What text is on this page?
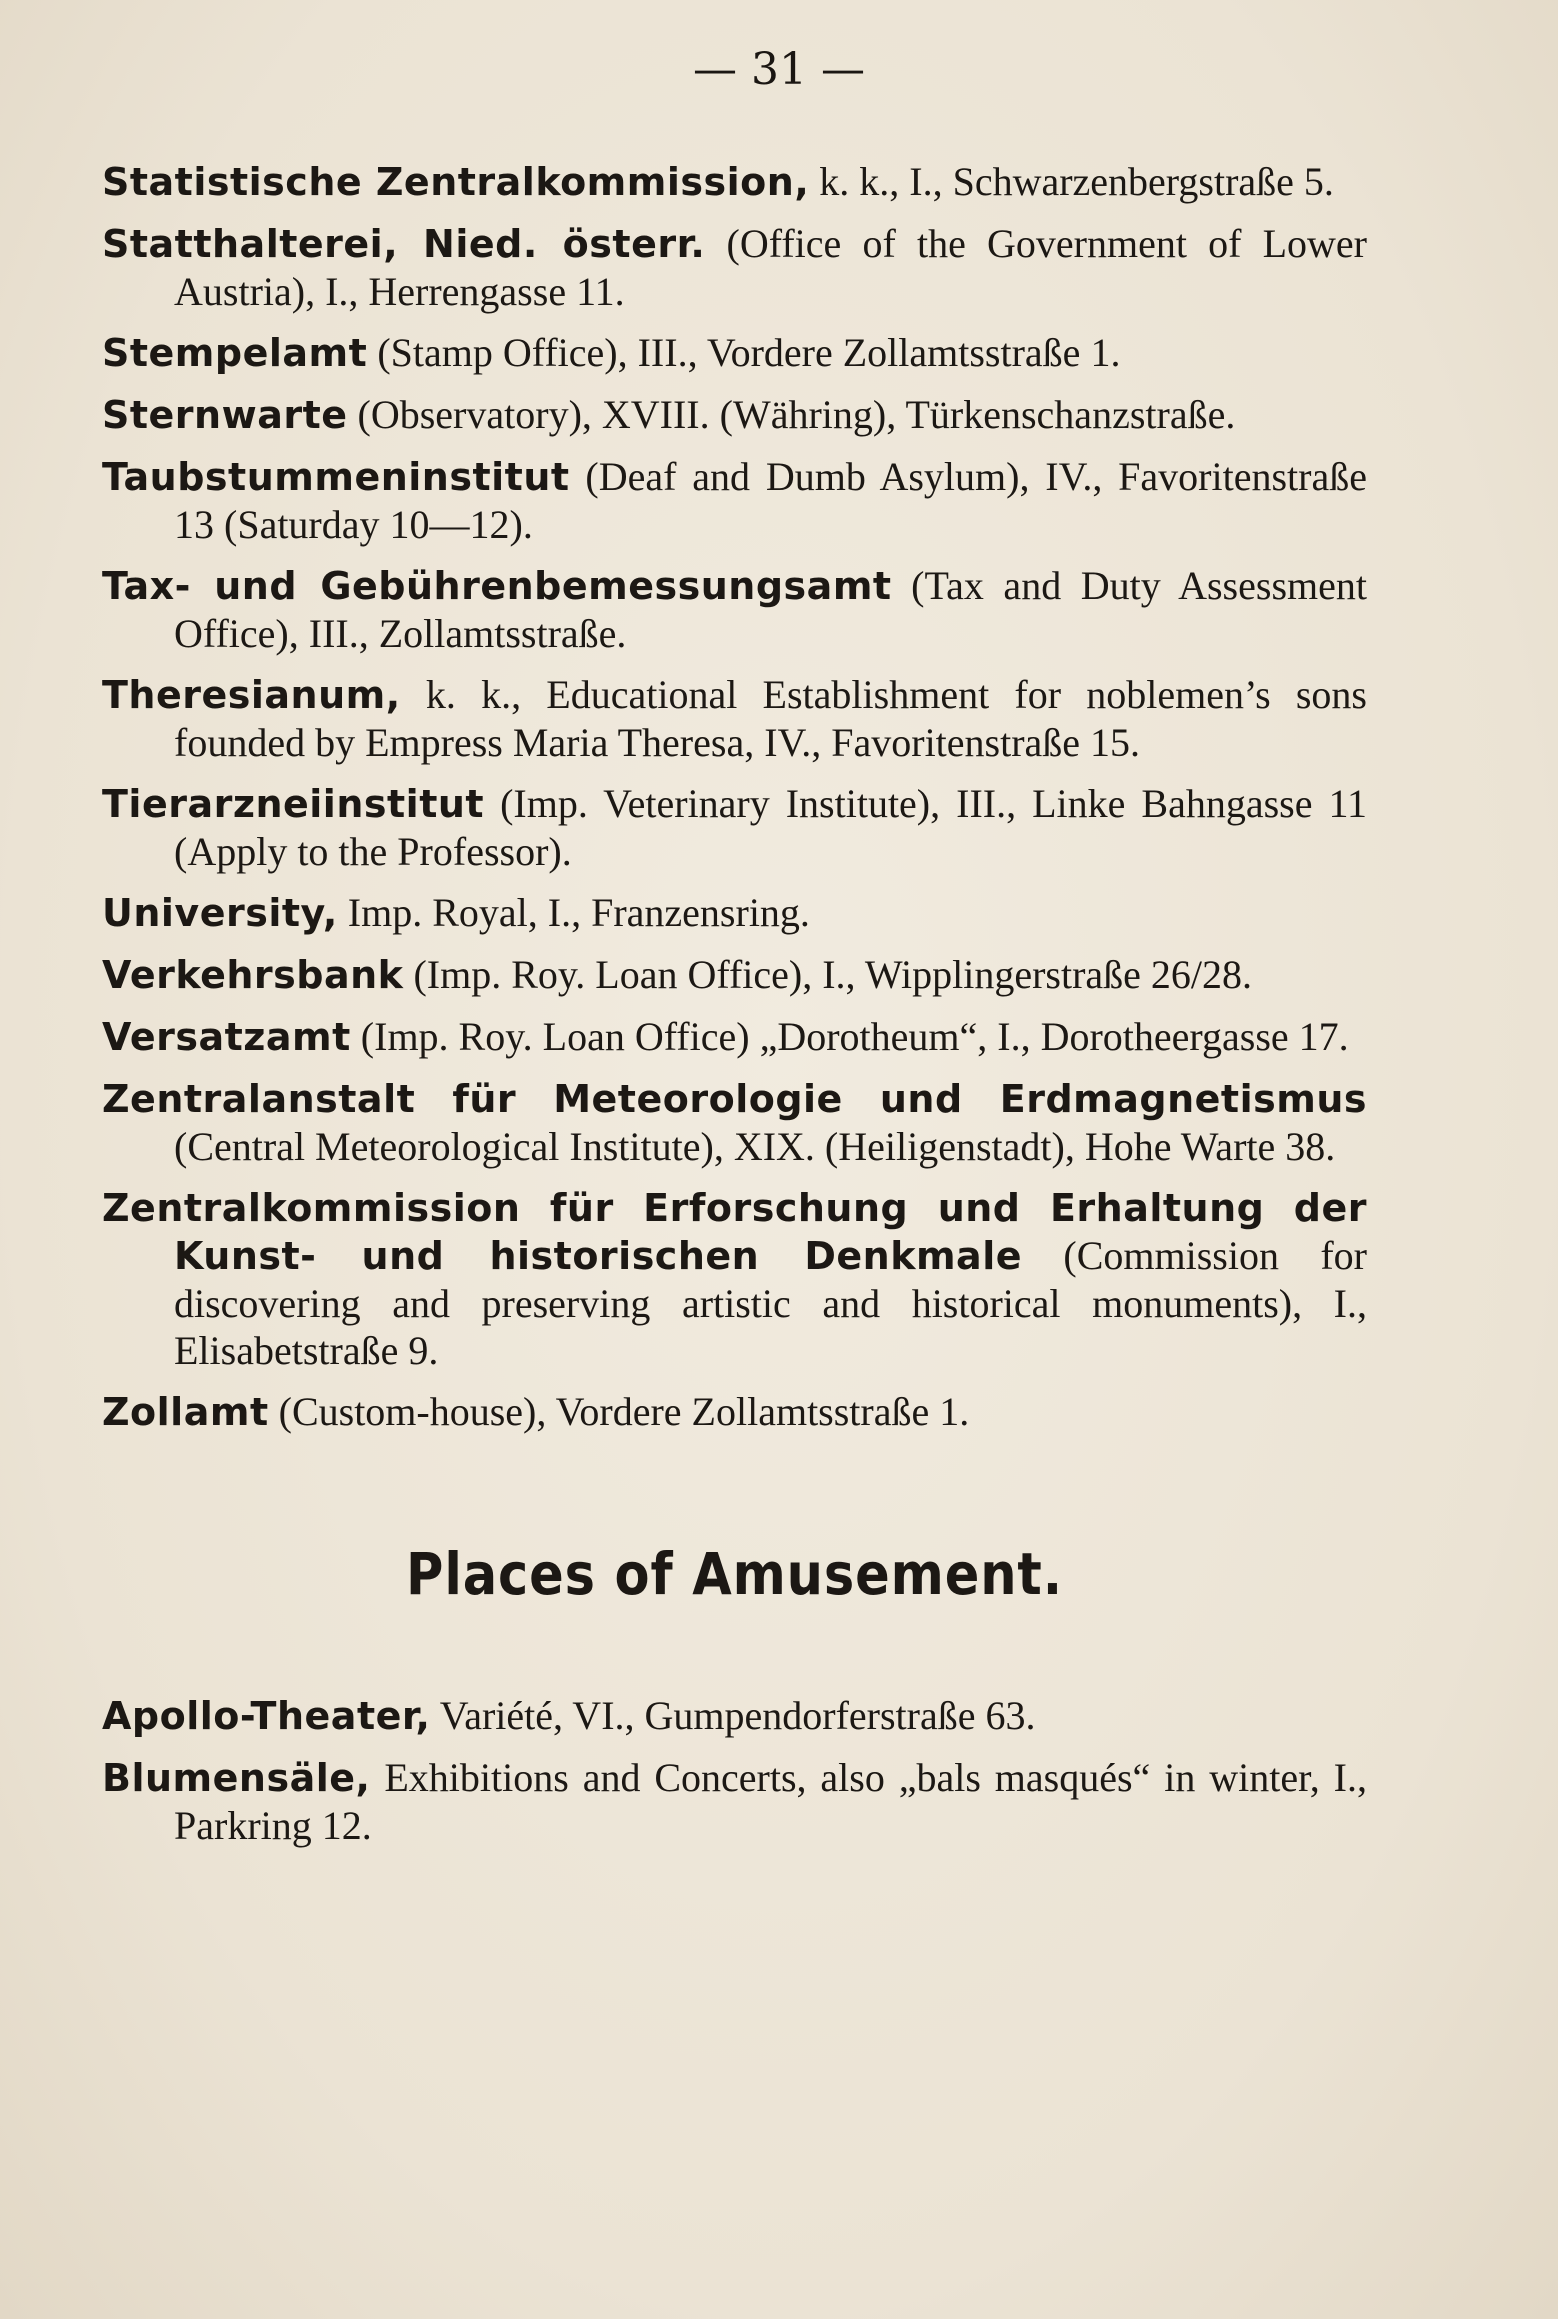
— 31 —

Statistische Zentralkommission, k. k., I., Schwarzenbergstraße 5.

Statthalterei, Nied. österr. (Office of the Government of Lower Austria), I., Herrengasse 11.

Stempelamt (Stamp Office), III., Vordere Zollamtsstraße 1.

Sternwarte (Observatory), XVIII. (Währing), Türkenschanzstraße.

Taubstummeninstitut (Deaf and Dumb Asylum), IV., Favoritenstraße 13 (Saturday 10—12).

Tax- und Gebührenbemessungsamt (Tax and Duty Assessment Office), III., Zollamtsstraße.

Theresianum, k. k., Educational Establishment for noblemen’s sons founded by Empress Maria Theresa, IV., Favoritenstraße 15.

Tierarzneiinstitut (Imp. Veterinary Institute), III., Linke Bahngasse 11 (Apply to the Professor).

University, Imp. Royal, I., Franzensring.

Verkehrsbank (Imp. Roy. Loan Office), I., Wipplingerstraße 26/28.

Versatzamt (Imp. Roy. Loan Office) „Dorotheum“, I., Dorotheergasse 17.

Zentralanstalt für Meteorologie und Erdmagnetismus (Central Meteorological Institute), XIX. (Heiligenstadt), Hohe Warte 38.

Zentralkommission für Erforschung und Erhaltung der Kunst- und historischen Denkmale (Commission for discovering and preserving artistic and historical monuments), I., Elisabetstraße 9.

Zollamt (Custom-house), Vordere Zollamtsstraße 1.

Places of Amusement.

Apollo-Theater, Variété, VI., Gumpendorferstraße 63.

Blumensäle, Exhibitions and Concerts, also „bals masqués“ in winter, I., Parkring 12.
